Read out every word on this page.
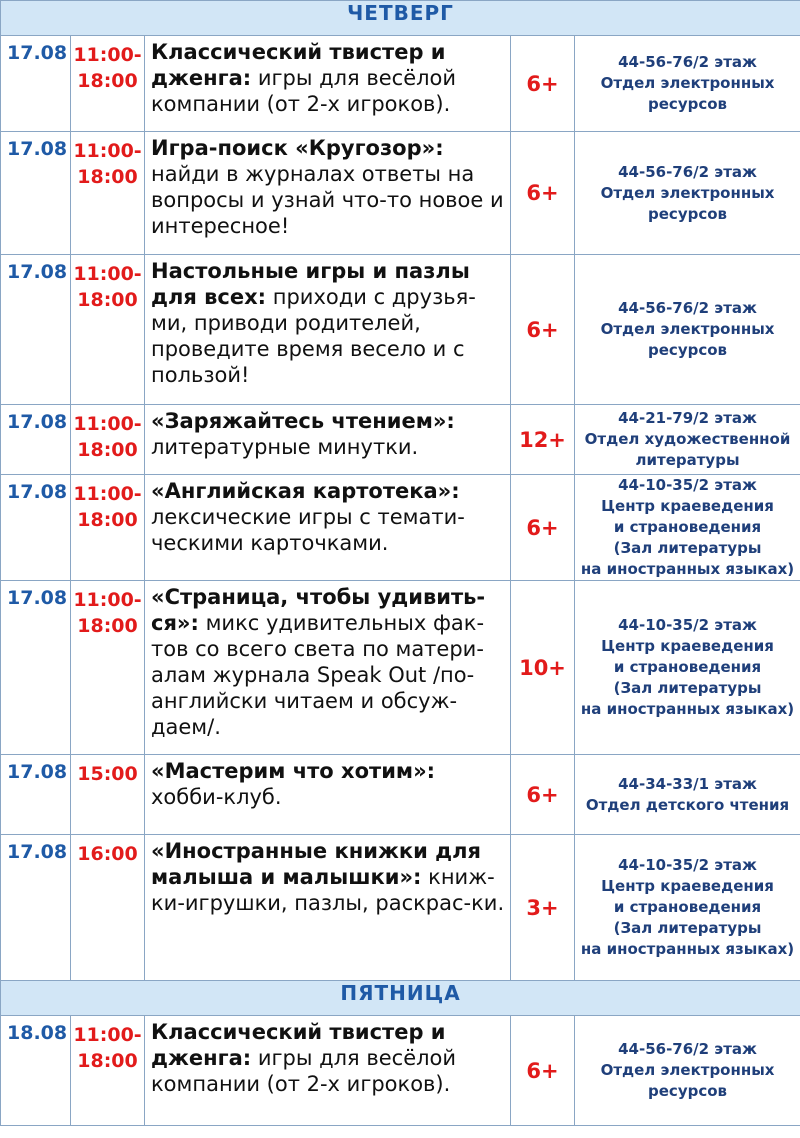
ЧЕТВЕРГ				
17.08	11:00-
18:00	Классический твистер и дженга: игры для весёлой компании (от 2-х игроков).	6+	44-56-76/2 этаж
Отдел электронных
ресурсов

17.08	11:00-
18:00	Игра-поиск «Кругозор»: найди в журналах ответы на вопросы и узнай что-то новое и интересное!	6+	44-56-76/2 этаж
Отдел электронных
ресурсов

17.08	11:00-
18:00	Настольные игры и пазлы для всех: приходи с друзья-ми, приводи родителей, проведите время весело и с пользой!	6+	44-56-76/2 этаж
Отдел электронных
ресурсов

17.08	11:00-
18:00	«Заряжайтесь чтением»: литературные минутки.	12+	44-21-79/2 этаж
Отдел художественной
литературы

17.08	11:00-
18:00	«Английская картотека»: лексические игры с темати-ческими карточками.	6+	44-10-35/2 этаж
Центр краеведения
и страноведения
(Зал литературы
на иностранных языках)

17.08	11:00-
18:00	«Страница, чтобы удивить-ся»: микс удивительных фак-тов со всего света по матери-алам журнала Speak Out /по-английски читаем и обсуж-даем/.	10+	44-10-35/2 этаж
Центр краеведения
и страноведения
(Зал литературы
на иностранных языках)

17.08	15:00	«Мастерим что хотим»: хобби-клуб.	6+	44-34-33/1 этаж
Отдел детского чтения

17.08	16:00	«Иностранные книжки для малыша и малышки»: книж-ки-игрушки, пазлы, раскрас-ки.	3+	44-10-35/2 этаж
Центр краеведения
и страноведения
(Зал литературы
на иностранных языках)

ПЯТНИЦА				
18.08	11:00-
18:00	Классический твистер и дженга: игры для весёлой компании (от 2-х игроков).	6+	44-56-76/2 этаж
Отдел электронных
ресурсов
